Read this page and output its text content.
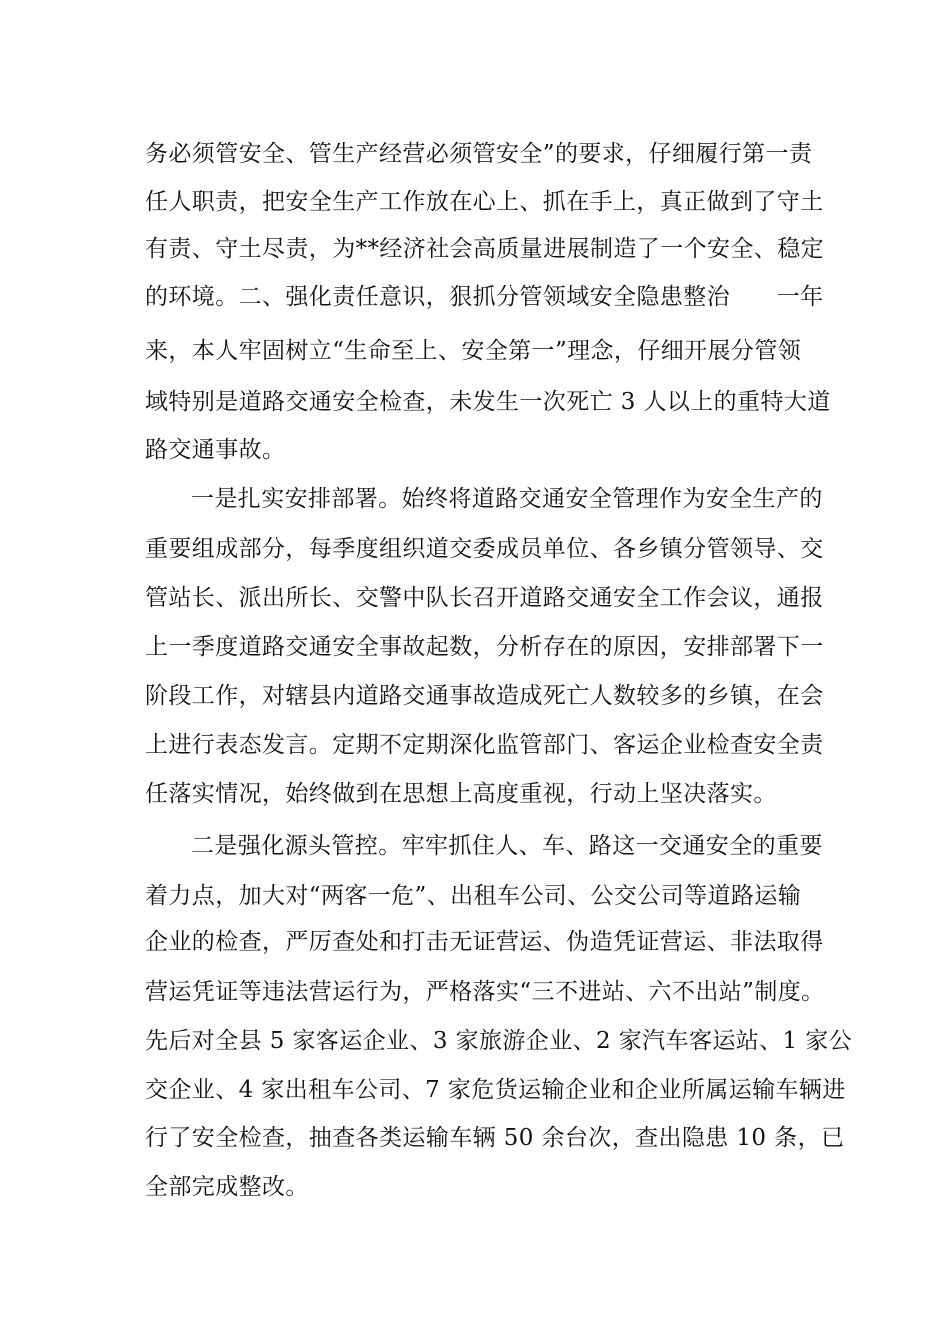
务必须管安全、管生产经营必须管安全”的要求，仔细履行第一责
任人职责，把安全生产工作放在心上、抓在手上，真正做到了守土
有责、守土尽责，为**经济社会高质量进展制造了一个安全、稳定
的环境。二、强化责任意识，狠抓分管领域安全隐患整治　　一年
来，本人牢固树立“生命至上、安全第一”理念，仔细开展分管领
域特别是道路交通安全检查，未发生一次死亡 3 人以上的重特大道
路交通事故。
一是扎实安排部署。始终将道路交通安全管理作为安全生产的
重要组成部分，每季度组织道交委成员单位、各乡镇分管领导、交
管站长、派出所长、交警中队长召开道路交通安全工作会议，通报
上一季度道路交通安全事故起数，分析存在的原因，安排部署下一
阶段工作，对辖县内道路交通事故造成死亡人数较多的乡镇，在会
上进行表态发言。定期不定期深化监管部门、客运企业检查安全责
任落实情况，始终做到在思想上高度重视，行动上坚决落实。
二是强化源头管控。牢牢抓住人、车、路这一交通安全的重要
着力点，加大对“两客一危”、出租车公司、公交公司等道路运输
企业的检查，严厉查处和打击无证营运、伪造凭证营运、非法取得
营运凭证等违法营运行为，严格落实“三不进站、六不出站”制度。
先后对全县 5 家客运企业、3 家旅游企业、2 家汽车客运站、1 家公
交企业、4 家出租车公司、7 家危货运输企业和企业所属运输车辆进
行了安全检查，抽查各类运输车辆 50 余台次，查出隐患 10 条，已
全部完成整改。
